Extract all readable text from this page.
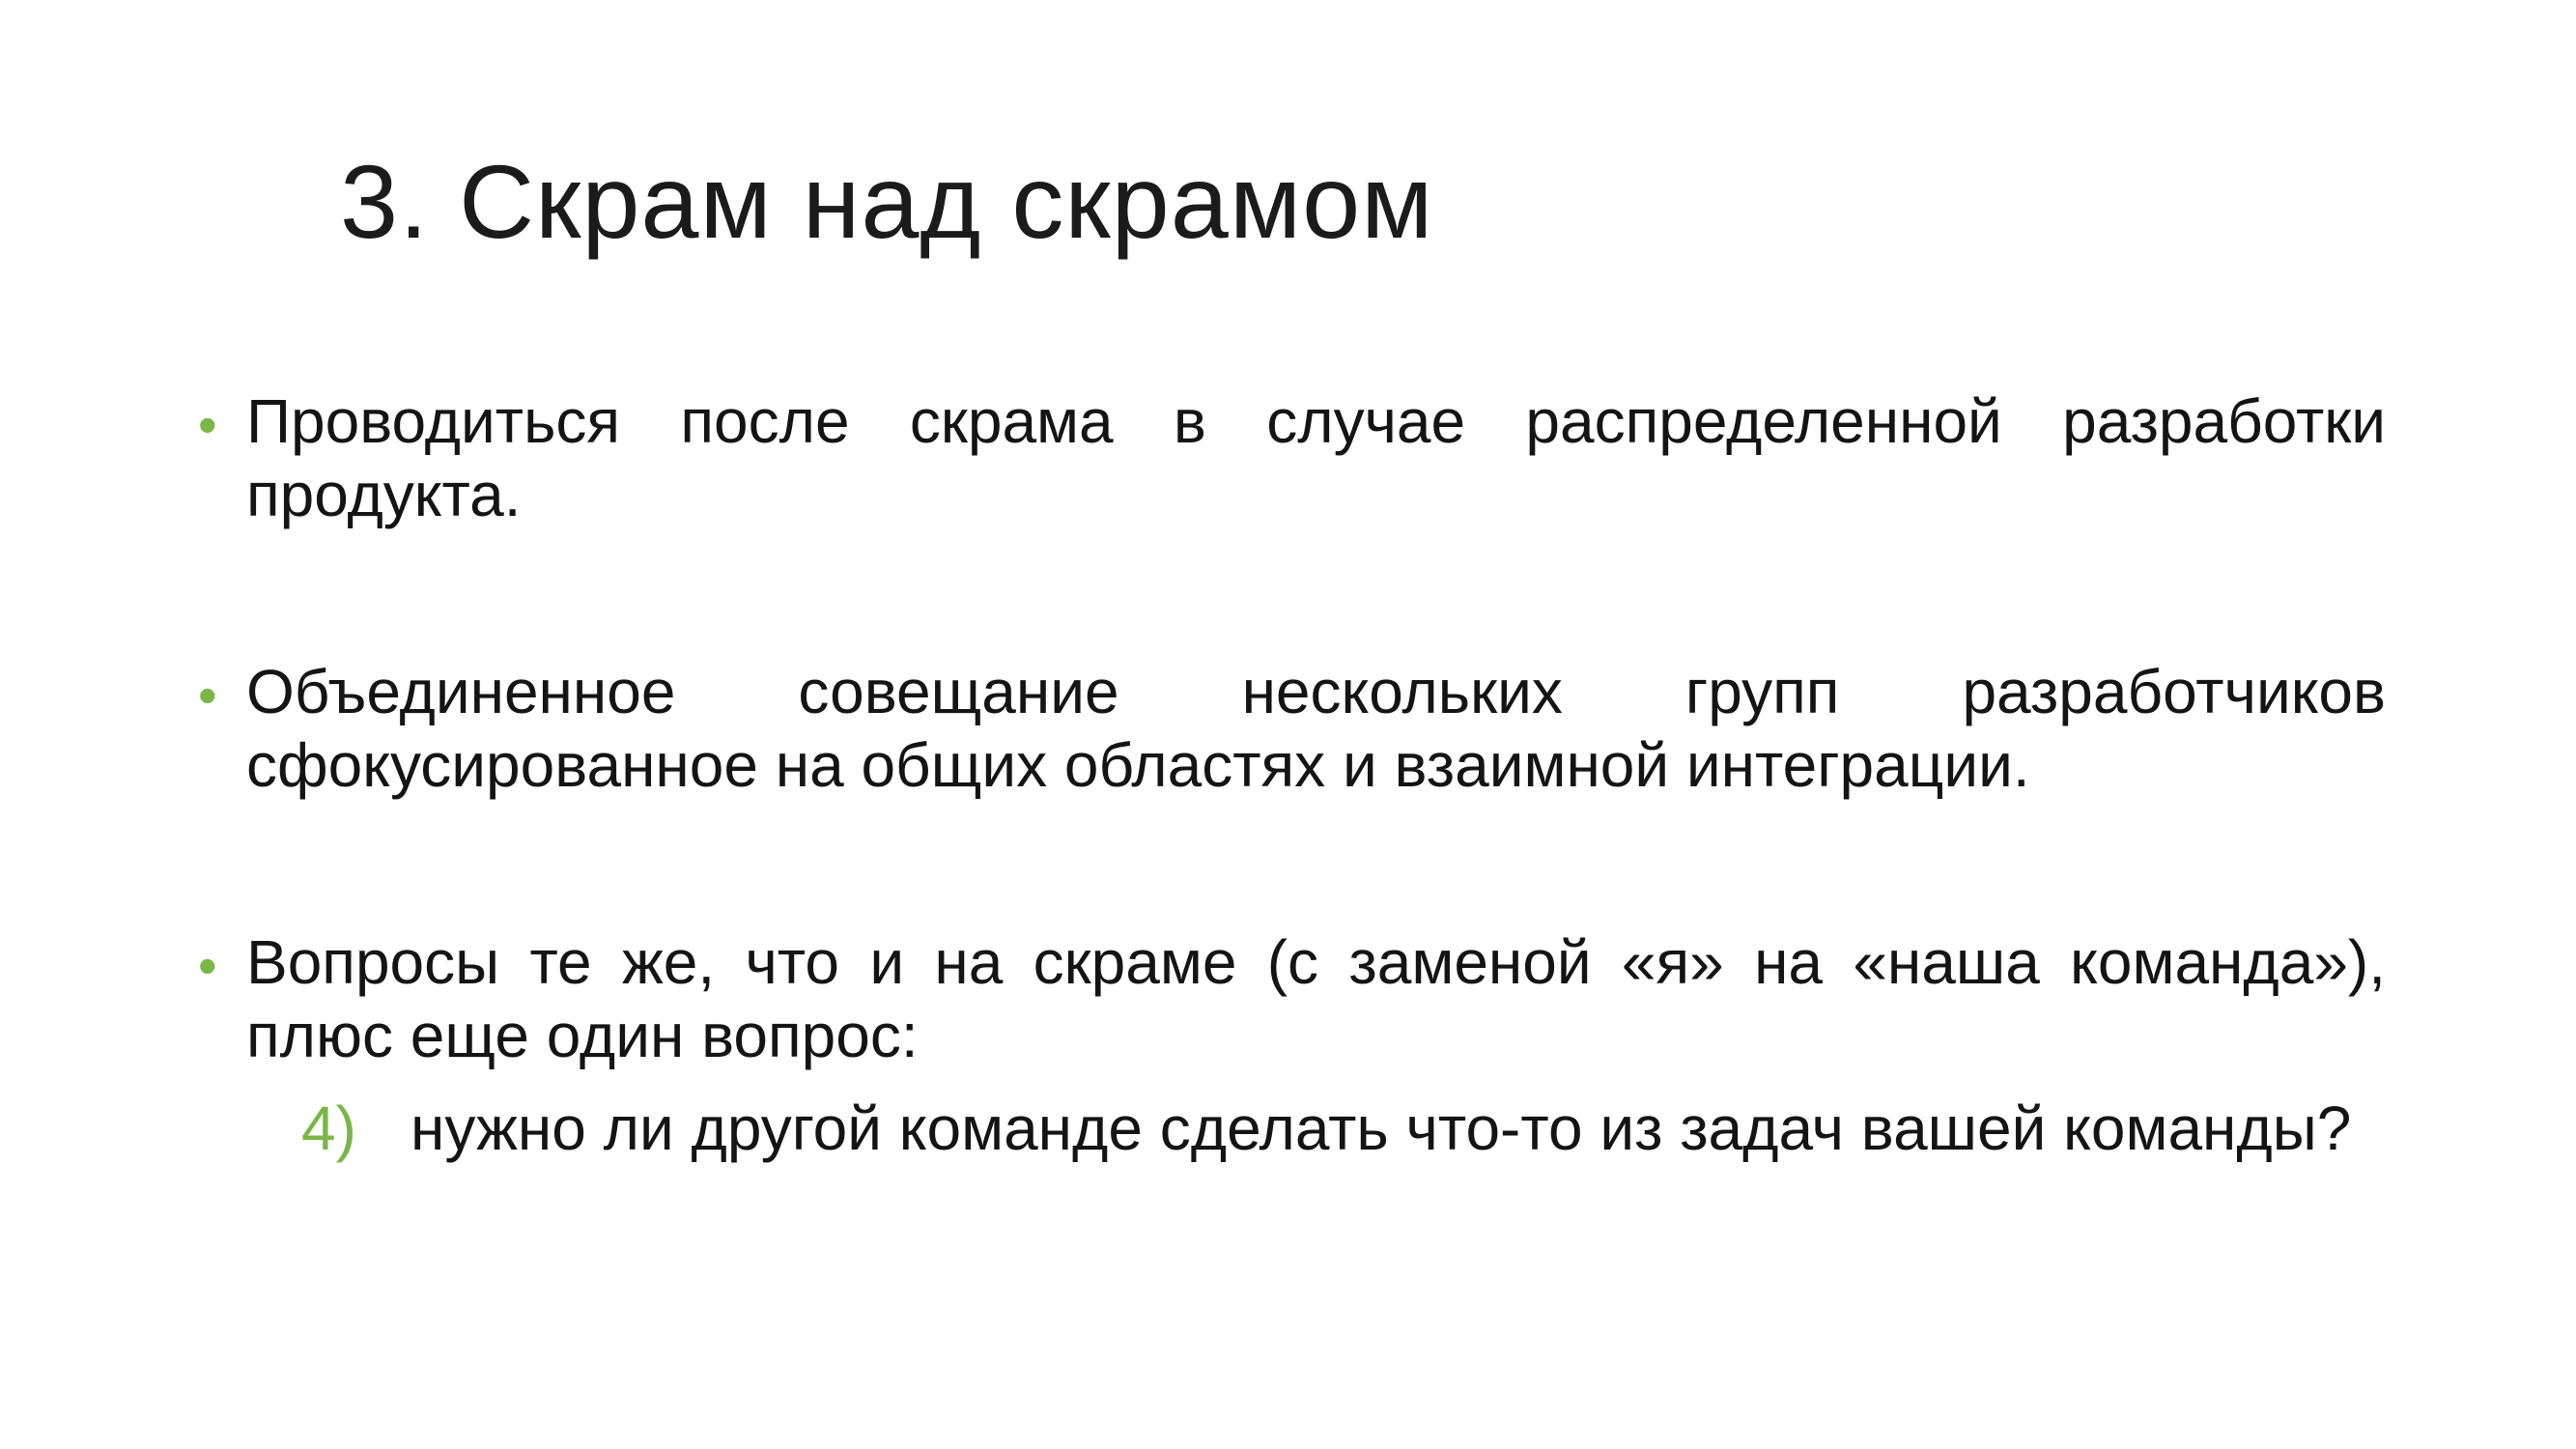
3. Скрам над скрамом
• Проводиться после скрама в случае распределенной разработки продукта.
• Объединенное совещание нескольких групп разработчиков сфокусированное на общих областях и взаимной интеграции.
• Вопросы те же, что и на скраме (с заменой «я» на «наша команда»), плюс еще один вопрос:
4) нужно ли другой команде сделать что-то из задач вашей команды?
